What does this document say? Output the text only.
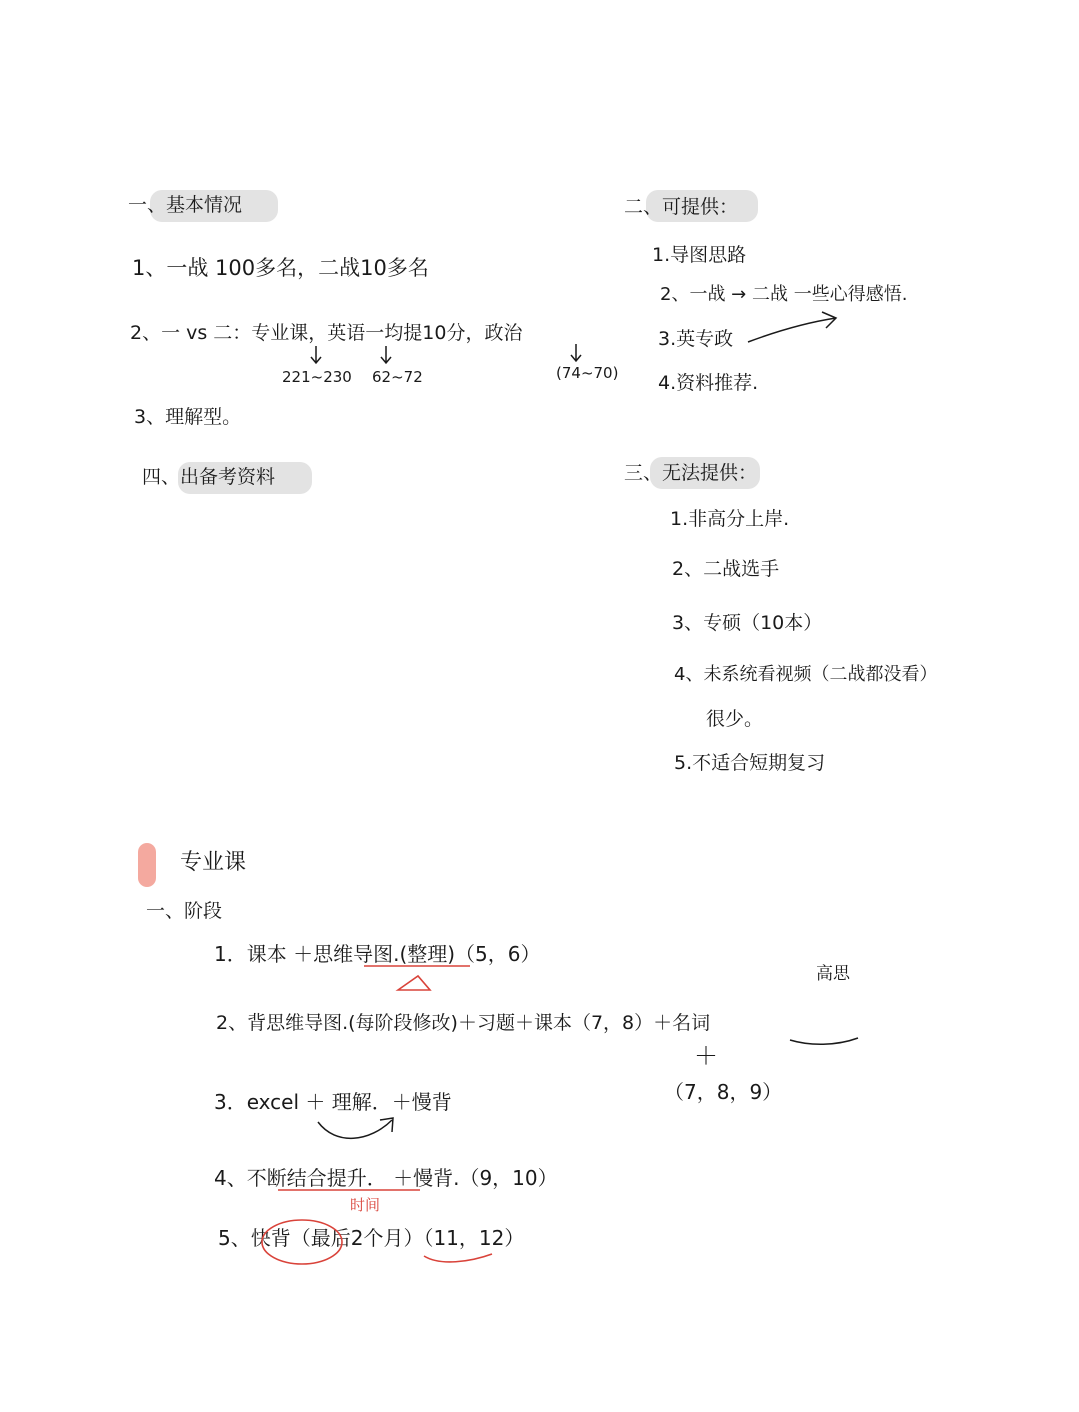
一、基本情况
1、一战 100多名，二战10多名
2、一 vs 二：专业课，英语一均提10分，政治
221~230 62~72	(74~70)
3、理解型。
四、出备考资料
二、可提供：
1.导图思路
2、一战 → 二战 一些心得感悟.
3.英专政
4.资料推荐.
三、无法提供：
1.非高分上岸.
2、二战选手
3、专硕（10本）
4、未系统看视频（二战都没看）
很少。
5.不适合短期复习
专业课
一、阶段
高思
1．课本 ＋思维导图.(整理)（5，6）
2、背思维导图.(每阶段修改)＋习题＋课本（7，8）＋名词
＋
（7，8，9）
3．excel ＋ 理解．＋慢背
4、不断结合提升． ＋慢背.（9，10）
时间
5、快背（最后2个月）（11，12）
